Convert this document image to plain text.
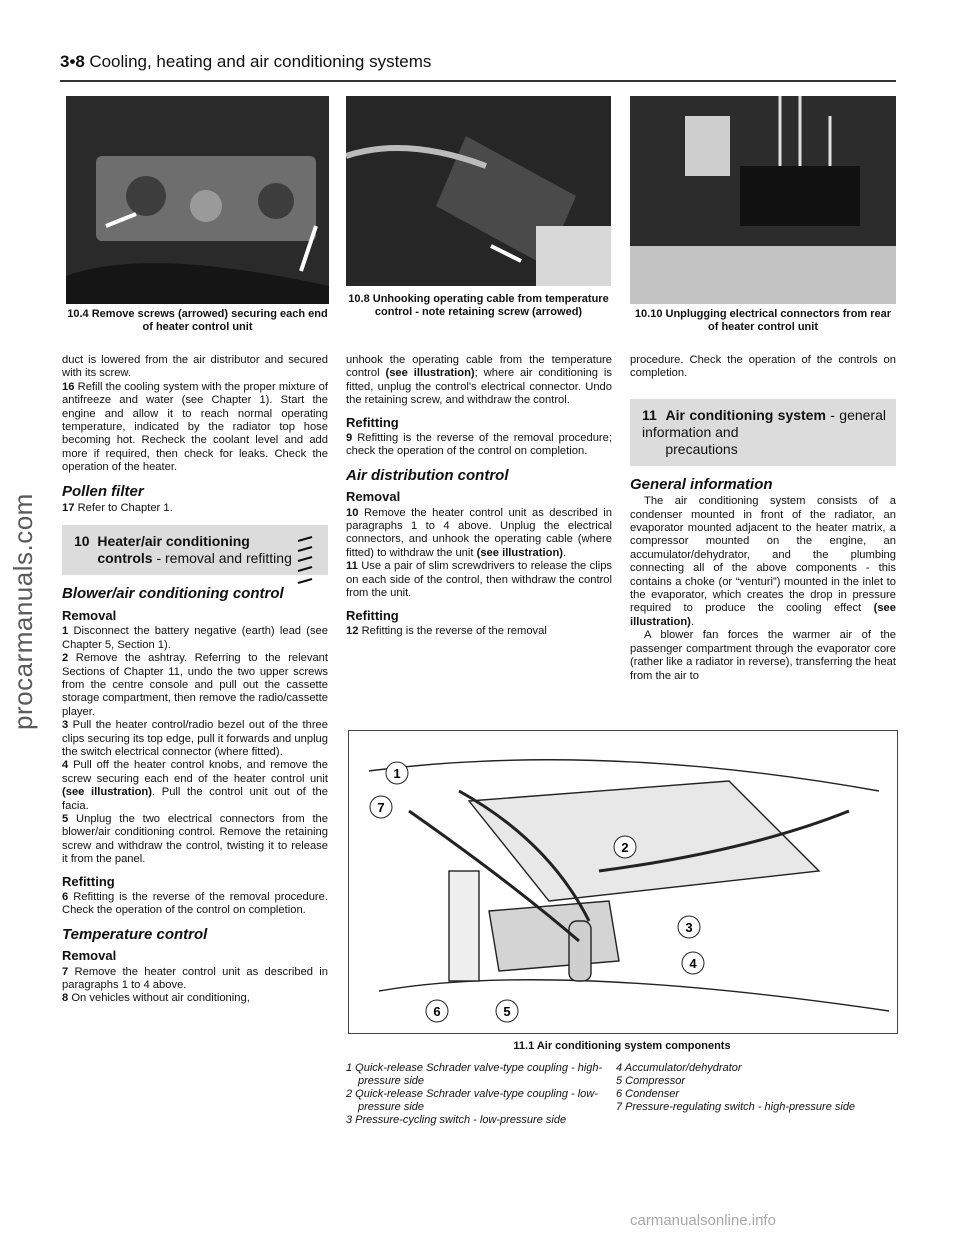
procarmanuals.com
3•8 Cooling, heating and air conditioning systems
10.4 Remove screws (arrowed) securing each end of heater control unit
10.8 Unhooking operating cable from temperature control - note retaining screw (arrowed)	10.10 Unplugging electrical connectors from rear of heater control unit

duct is lowered from the air distributor and secured with its screw.

16 Refill the cooling system with the proper mixture of antifreeze and water (see Chapter 1). Start the engine and allow it to reach normal operating temperature, indicated by the radiator top hose becoming hot. Recheck the coolant level and add more if required, then check for leaks. Check the operation of the heater.

Pollen filter

17 Refer to Chapter 1.

10 Heater/air conditioning
controls - removal and refitting
Blower/air conditioning control
Removal

1 Disconnect the battery negative (earth) lead (see Chapter 5, Section 1).

2 Remove the ashtray. Referring to the relevant Sections of Chapter 11, undo the two upper screws from the centre console and pull out the cassette storage compartment, then remove the radio/cassette player.

3 Pull the heater control/radio bezel out of the three clips securing its top edge, pull it forwards and unplug the switch electrical connector (where fitted).

4 Pull off the heater control knobs, and remove the screw securing each end of the heater control unit (see illustration). Pull the control unit out of the facia.

5 Unplug the two electrical connectors from the blower/air conditioning control. Remove the retaining screw and withdraw the control, twisting it to release it from the panel.

Refitting

6 Refitting is the reverse of the removal procedure. Check the operation of the control on completion.

Temperature control
Removal

7 Remove the heater control unit as described in paragraphs 1 to 4 above.

8 On vehicles without air conditioning,

unhook the operating cable from the temperature control (see illustration); where air conditioning is fitted, unplug the control's electrical connector. Undo the retaining screw, and withdraw the control.

Refitting

9 Refitting is the reverse of the removal procedure; check the operation of the control on completion.

Air distribution control
Removal

10 Remove the heater control unit as described in paragraphs 1 to 4 above. Unplug the electrical connectors, and unhook the operating cable (where fitted) to withdraw the unit (see illustration).

11 Use a pair of slim screwdrivers to release the clips on each side of the control, then withdraw the control from the unit.

Refitting

12 Refitting is the reverse of the removal

procedure. Check the operation of the controls on completion.

11 Air conditioning system - general information and
precautions
General information

The air conditioning system consists of a condenser mounted in front of the radiator, an evaporator mounted adjacent to the heater matrix, a compressor mounted on the engine, an accumulator/dehydrator, and the plumbing connecting all of the above components - this contains a choke (or “venturi”) mounted in the inlet to the evaporator, which creates the drop in pressure required to produce the cooling effect (see illustration).

A blower fan forces the warmer air of the passenger compartment through the evaporator core (rather like a radiator in reverse), transferring the heat from the air to

1
7
2
3
4
6	5
11.1 Air conditioning system components
1 Quick-release Schrader valve-type coupling - high-pressure side
2 Quick-release Schrader valve-type coupling - low-pressure side
3 Pressure-cycling switch - low-pressure side
4 Accumulator/dehydrator
5 Compressor
6 Condenser
7 Pressure-regulating switch - high-pressure side
carmanualsonline.info
